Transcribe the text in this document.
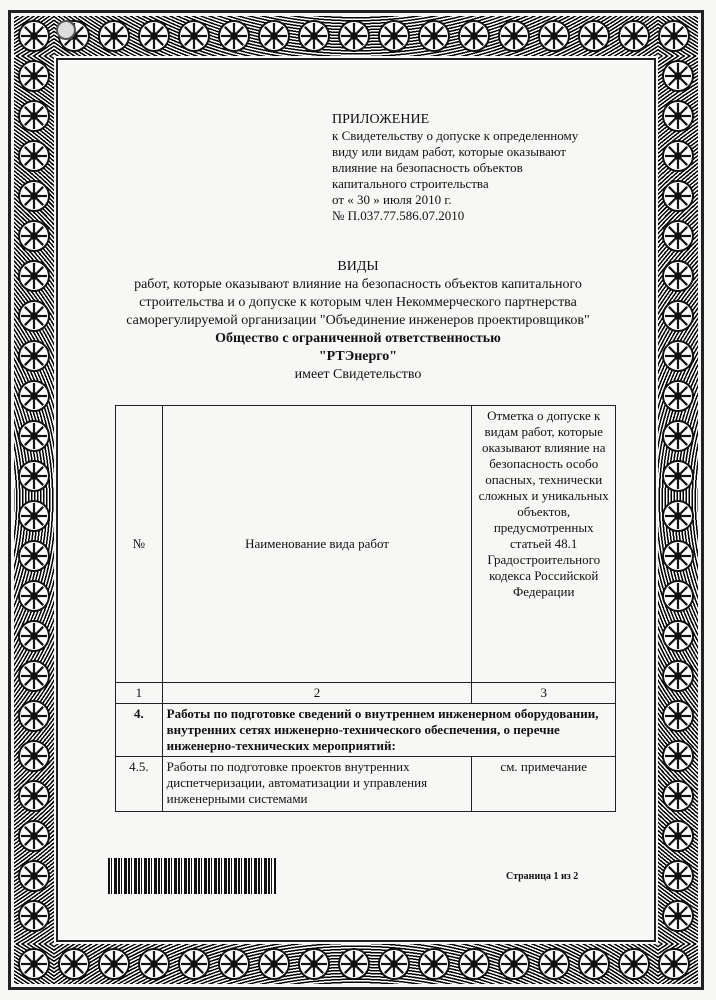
ПРИЛОЖЕНИЕ
к Свидетельству о допуске к определенному
виду или видам работ, которые оказывают
влияние на безопасность объектов
капитального строительства
от « 30 » июля 2010 г.
№ П.037.77.586.07.2010
ВИДЫ
работ, которые оказывают влияние на безопасность объектов капитального
строительства и о допуске к которым член Некоммерческого партнерства
саморегулируемой организации "Объединение инженеров проектировщиков"
Общество с ограниченной ответственностью
"РТЭнерго"
имеет Свидетельство
№	Наименование вида работ	Отметка о допуске к видам работ, которые оказывают влияние на безопасность особо опасных, технически сложных и уникальных объектов, предусмотренных статьей 48.1 Градостроительного кодекса Российской Федерации
1	2	3
4.	Работы по подготовке сведений о внутреннем инженерном оборудовании, внутренних сетях инженерно-технического обеспечения, о перечне инженерно-технических мероприятий:	
4.5.	Работы по подготовке проектов внутренних диспетчеризации, автоматизации и управления инженерными системами	см. примечание
Страница 1 из 2
